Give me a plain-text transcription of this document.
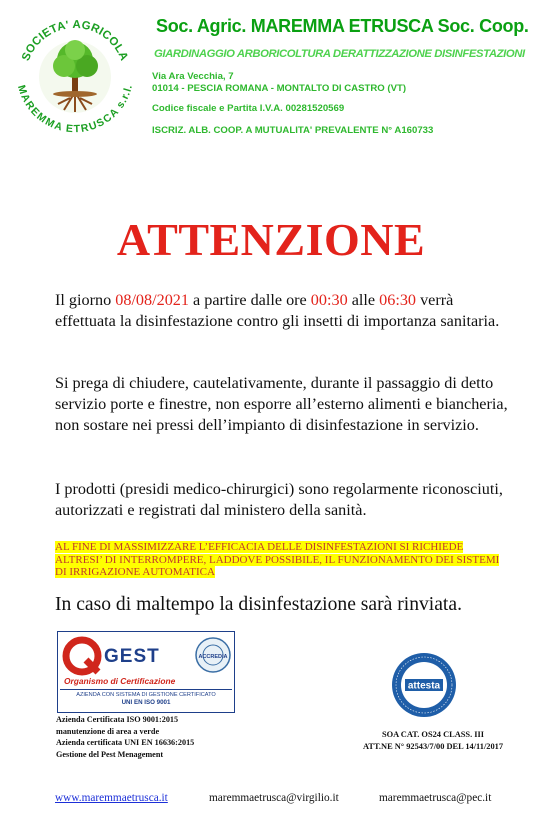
SOCIETA' AGRICOLA
MAREMMA ETRUSCA s.r.l.
Soc. Agric. MAREMMA ETRUSCA Soc. Coop.
GIARDINAGGIO ARBORICOLTURA DERATTIZZAZIONE DISINFESTAZIONI
Via Ara Vecchia, 7
01014 - PESCIA ROMANA - MONTALTO DI CASTRO (VT)
Codice fiscale e Partita I.V.A. 00281520569
ISCRIZ. ALB. COOP. A MUTUALITA' PREVALENTE N° A160733
ATTENZIONE
Il giorno 08/08/2021 a partire dalle ore 00:30 alle 06:30 verrà effettuata la disinfestazione contro gli insetti di importanza sanitaria.
Si prega di chiudere, cautelativamente, durante il passaggio di detto servizio porte e finestre, non esporre all’esterno alimenti e biancheria, non sostare nei pressi dell’impianto di disinfestazione in servizio.
I prodotti (presidi medico-chirurgici) sono regolarmente riconosciuti, autorizzati e registrati dal ministero della sanità.
AL FINE DI MASSIMIZZARE L’EFFICACIA DELLE DISINFESTAZIONI SI RICHIEDE ALTRESI’ DI INTERROMPERE, LADDOVE POSSIBILE, IL FUNZIONAMENTO DEI SISTEMI DI IRRIGAZIONE AUTOMATICA
In caso di maltempo la disinfestazione sarà rinviata.
GEST	ACCREDIA
Organismo di Certificazione
AZIENDA CON SISTEMA DI GESTIONE CERTIFICATO
UNI EN ISO 9001
Azienda Certificata ISO 9001:2015
manutenzione di area a verde
Azienda certificata UNI EN 16636:2015
Gestione del Pest Menagement
attesta
SOA CAT. OS24 CLASS. III
ATT.NE N° 92543/7/00 DEL 14/11/2017
www.maremmaetrusca.it	maremmaetrusca@virgilio.it	maremmaetrusca@pec.it
